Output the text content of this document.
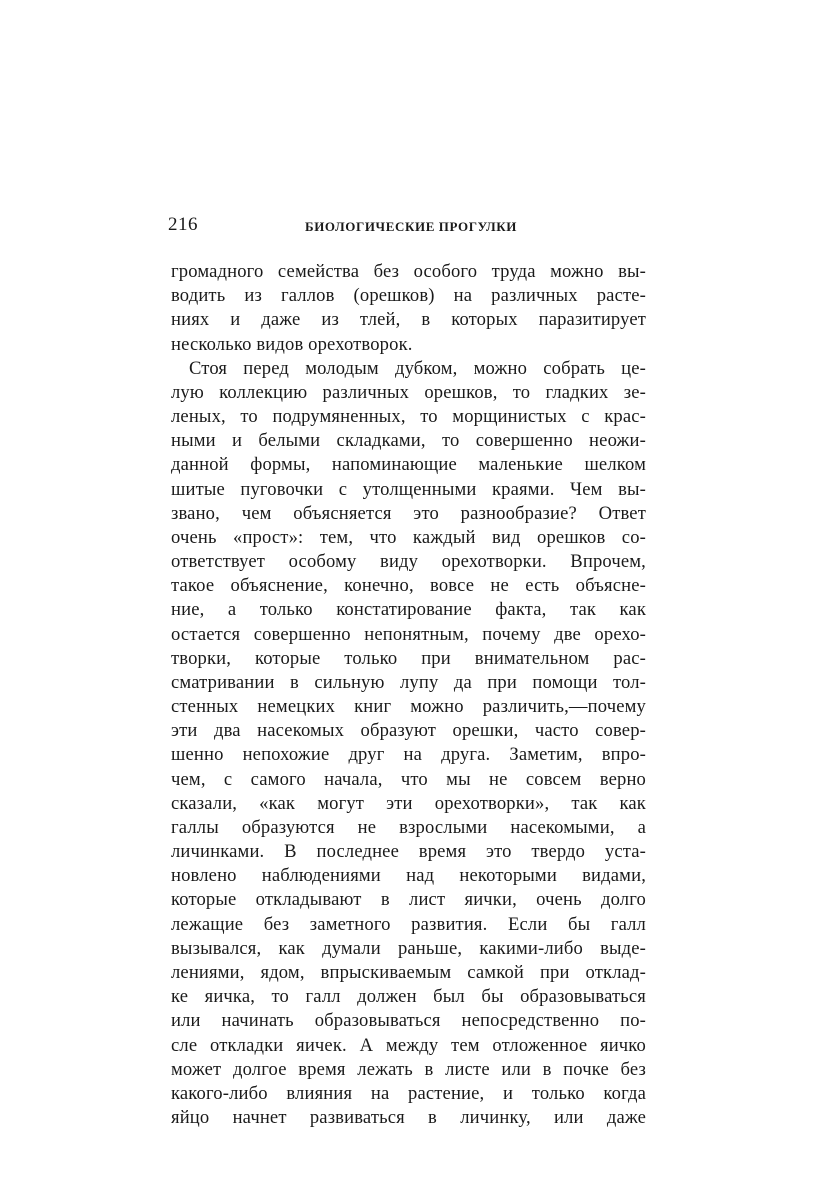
216	БИОЛОГИЧЕСКИЕ ПРОГУЛКИ
громадного семейства без особого труда можно вы-
водить из галлов (орешков) на различных расте-
ниях и даже из тлей, в которых паразитирует
несколько видов орехотворок.
Стоя перед молодым дубком, можно собрать це-
лую коллекцию различных орешков, то гладких зе-
леных, то подрумяненных, то морщинистых с крас-
ными и белыми складками, то совершенно неожи-
данной формы, напоминающие маленькие шелком
шитые пуговочки с утолщенными краями. Чем вы-
звано, чем объясняется это разнообразие? Ответ
очень «прост»: тем, что каждый вид орешков со-
ответствует особому виду орехотворки. Впрочем,
такое объяснение, конечно, вовсе не есть объясне-
ние, а только констатирование факта, так как
остается совершенно непонятным, почему две орехо-
творки, которые только при внимательном рас-
сматривании в сильную лупу да при помощи тол-
стенных немецких книг можно различить,—почему
эти два насекомых образуют орешки, часто совер-
шенно непохожие друг на друга. Заметим, впро-
чем, с самого начала, что мы не совсем верно
сказали, «как могут эти орехотворки», так как
галлы образуются не взрослыми насекомыми, а
личинками. В последнее время это твердо уста-
новлено наблюдениями над некоторыми видами,
которые откладывают в лист яички, очень долго
лежащие без заметного развития. Если бы галл
вызывался, как думали раньше, какими-либо выде-
лениями, ядом, впрыскиваемым самкой при отклад-
ке яичка, то галл должен был бы образовываться
или начинать образовываться непосредственно по-
сле откладки яичек. А между тем отложенное яичко
может долгое время лежать в листе или в почке без
какого-либо влияния на растение, и только когда
яйцо начнет развиваться в личинку, или даже
